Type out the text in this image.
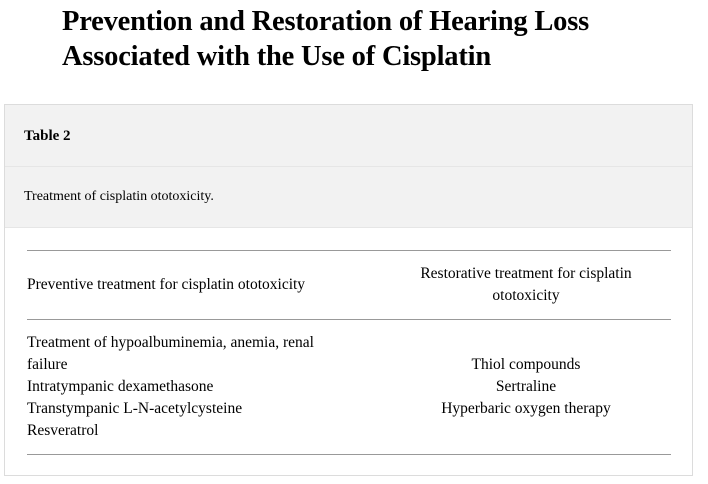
Prevention and Restoration of Hearing Loss Associated with the Use of Cisplatin
Table 2
Treatment of cisplatin ototoxicity.
Preventive treatment for cisplatin ototoxicity
Restorative treatment for cisplatin ototoxicity
Treatment of hypoalbuminemia, anemia, renal failure
Intratympanic dexamethasone
Transtympanic L-N-acetylcysteine
Resveratrol
Thiol compounds
Sertraline
Hyperbaric oxygen therapy
